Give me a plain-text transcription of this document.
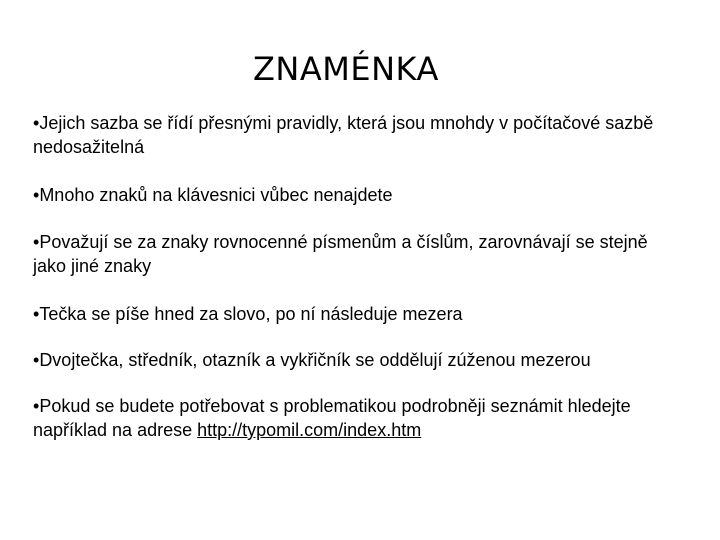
ZNAMÉNKA
•Jejich sazba se řídí přesnými pravidly, která jsou mnohdy v počítačové sazbě nedosažitelná
•Mnoho znaků na klávesnici vůbec nenajdete
•Považují se za znaky rovnocenné písmenům a číslům, zarovnávají se stejně jako jiné znaky
•Tečka se píše hned za slovo, po ní následuje mezera
•Dvojtečka, středník, otazník a vykřičník se oddělují zúženou mezerou
•Pokud se budete potřebovat s problematikou podrobněji seznámit hledejte například na adrese http://typomil.com/index.htm
